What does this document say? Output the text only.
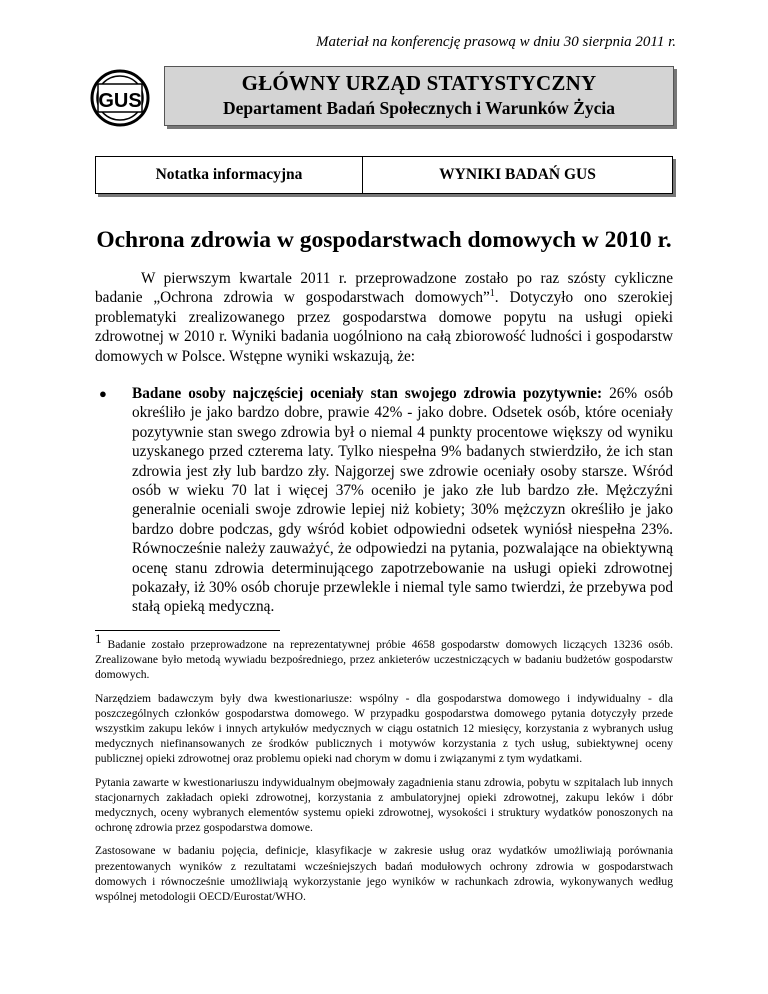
Materiał na konferencję prasową w dniu 30 sierpnia 2011 r.
GUS
GŁÓWNY URZĄD STATYSTYCZNY
Departament Badań Społecznych i Warunków Życia
Notatka informacyjna	WYNIKI BADAŃ GUS
Ochrona zdrowia w gospodarstwach domowych w 2010 r.

W pierwszym kwartale 2011 r. przeprowadzone zostało po raz szósty cykliczne badanie „Ochrona zdrowia w gospodarstwach domowych”$^1$. Dotyczyło ono szerokiej problematyki zrealizowanego przez gospodarstwa domowe popytu na usługi opieki zdrowotnej w 2010 r. Wyniki badania uogólniono na całą zbiorowość ludności i gospodarstw domowych w Polsce. Wstępne wyniki wskazują, że:

● Badane osoby najczęściej oceniały stan swojego zdrowia pozytywnie: 26% osób określiło je jako bardzo dobre, prawie 42% - jako dobre. Odsetek osób, które oceniały pozytywnie stan swego zdrowia był o niemal 4 punkty procentowe większy od wyniku uzyskanego przed czterema laty. Tylko niespełna 9% badanych stwierdziło, że ich stan zdrowia jest zły lub bardzo zły. Najgorzej swe zdrowie oceniały osoby starsze. Wśród osób w wieku 70 lat i więcej 37% oceniło je jako złe lub bardzo złe. Mężczyźni generalnie oceniali swoje zdrowie lepiej niż kobiety; 30% mężczyzn określiło je jako bardzo dobre podczas, gdy wśród kobiet odpowiedni odsetek wyniósł niespełna 23%. Równocześnie należy zauważyć, że odpowiedzi na pytania, pozwalające na obiektywną ocenę stanu zdrowia determinującego zapotrzebowanie na usługi opieki zdrowotnej pokazały, iż 30% osób choruje przewlekle i niemal tyle samo twierdzi, że przebywa pod stałą opieką medyczną.

1 Badanie zostało przeprowadzone na reprezentatywnej próbie 4658 gospodarstw domowych liczących 13236 osób. Zrealizowane było metodą wywiadu bezpośredniego, przez ankieterów uczestniczących w badaniu budżetów gospodarstw domowych.

Narzędziem badawczym były dwa kwestionariusze: wspólny - dla gospodarstwa domowego i indywidualny - dla poszczególnych członków gospodarstwa domowego. W przypadku gospodarstwa domowego pytania dotyczyły przede wszystkim zakupu leków i innych artykułów medycznych w ciągu ostatnich 12 miesięcy, korzystania z wybranych usług medycznych niefinansowanych ze środków publicznych i motywów korzystania z tych usług, subiektywnej oceny publicznej opieki zdrowotnej oraz problemu opieki nad chorym w domu i związanymi z tym wydatkami.

Pytania zawarte w kwestionariuszu indywidualnym obejmowały zagadnienia stanu zdrowia, pobytu w szpitalach lub innych stacjonarnych zakładach opieki zdrowotnej, korzystania z ambulatoryjnej opieki zdrowotnej, zakupu leków i dóbr medycznych, oceny wybranych elementów systemu opieki zdrowotnej, wysokości i struktury wydatków ponoszonych na ochronę zdrowia przez gospodarstwa domowe.

Zastosowane w badaniu pojęcia, definicje, klasyfikacje w zakresie usług oraz wydatków umożliwiają porównania prezentowanych wyników z rezultatami wcześniejszych badań modułowych ochrony zdrowia w gospodarstwach domowych i równocześnie umożliwiają wykorzystanie jego wyników w rachunkach zdrowia, wykonywanych według wspólnej metodologii OECD/Eurostat/WHO.
